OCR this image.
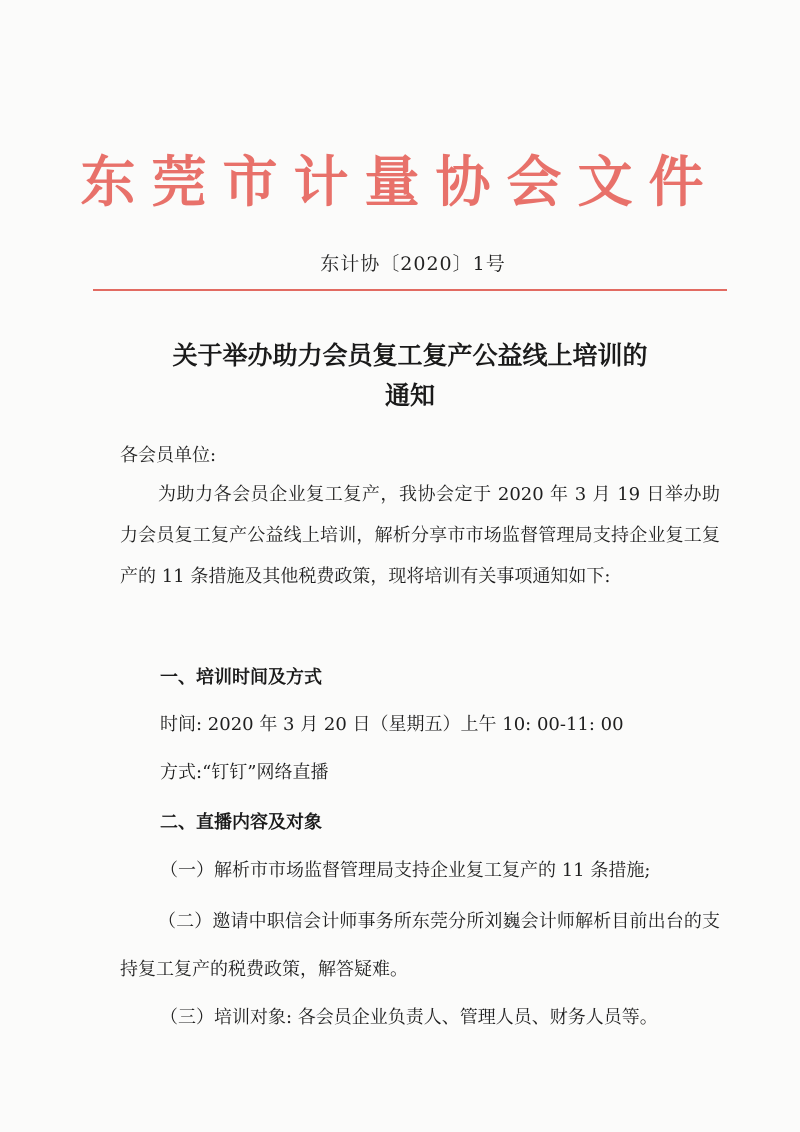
东莞市计量协会文件
东计协〔2020〕1号
关于举办助力会员复工复产公益线上培训的
通知
各会员单位:
为助力各会员企业复工复产，我协会定于 2020 年 3 月 19 日举办助力会员复工复产公益线上培训，解析分享市市场监督管理局支持企业复工复产的 11 条措施及其他税费政策，现将培训有关事项通知如下:
一、培训时间及方式
时间: 2020 年 3 月 20 日（星期五）上午 10: 00-11: 00
方式:“钉钉”网络直播
二、直播内容及对象
（一）解析市市场监督管理局支持企业复工复产的 11 条措施;
（二）邀请中职信会计师事务所东莞分所刘巍会计师解析目前出台的支持复工复产的税费政策，解答疑难。
（三）培训对象: 各会员企业负责人、管理人员、财务人员等。
